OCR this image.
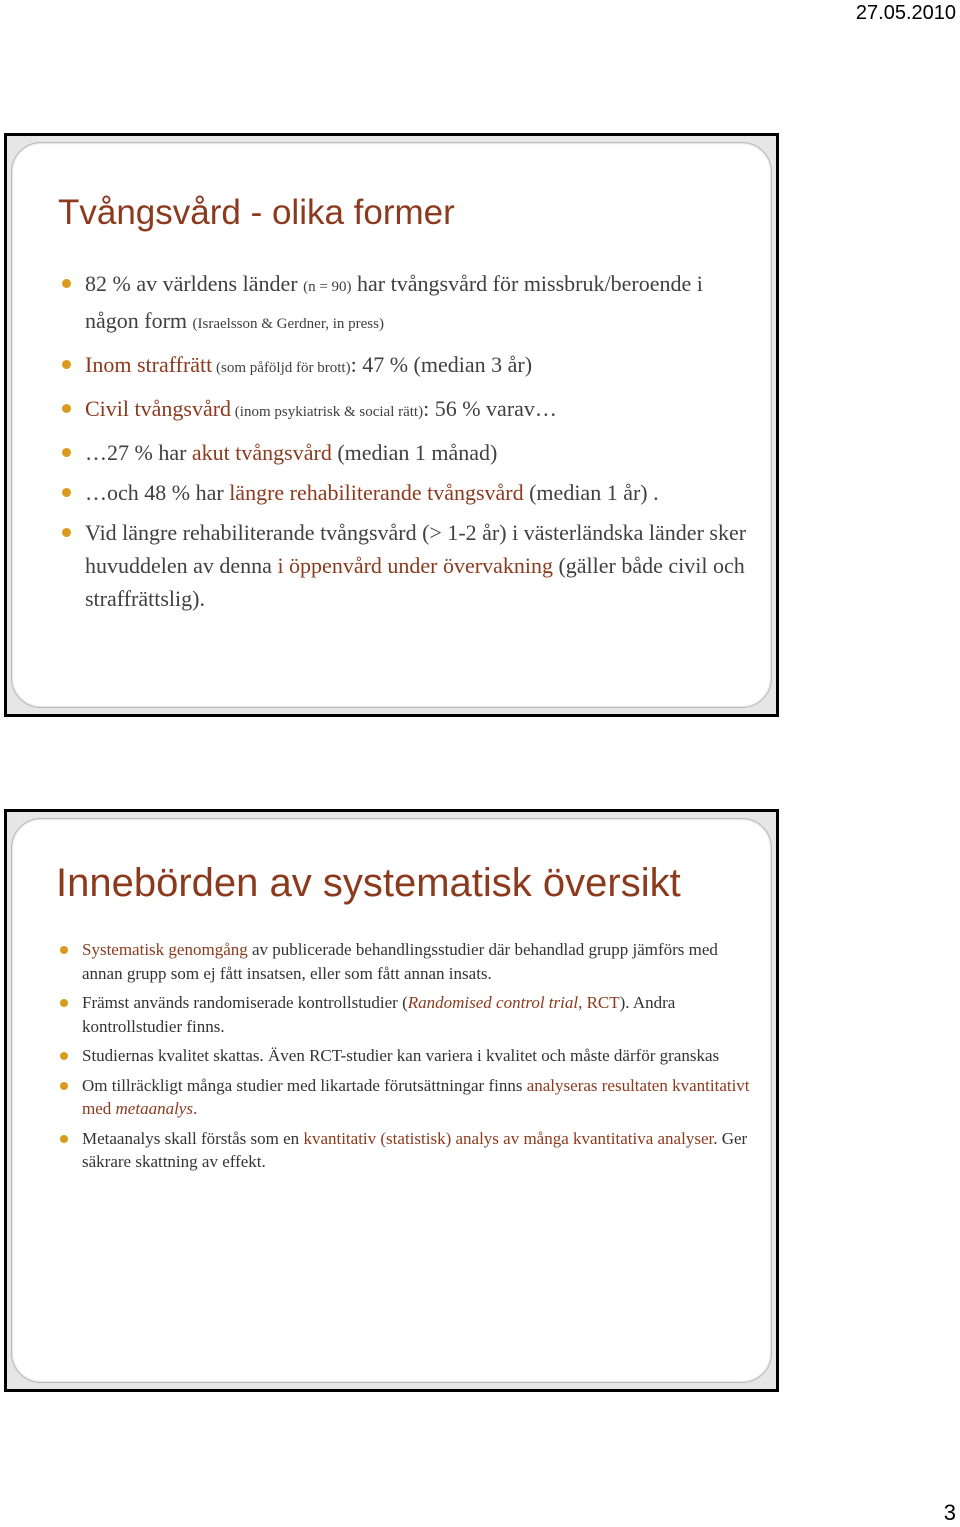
27.05.2010
Tvångsvård - olika former
82 % av världens länder (n = 90) har tvångsvård för missbruk/beroende i någon form (Israelsson & Gerdner, in press)
Inom straffrätt (som påföljd för brott): 47 % (median 3 år)
Civil tvångsvård (inom psykiatrisk & social rätt): 56 % varav…
…27 % har akut tvångsvård (median 1 månad)
…och 48 % har längre rehabiliterande tvångsvård (median 1 år) .
Vid längre rehabiliterande tvångsvård (> 1-2 år) i västerländska länder sker huvuddelen av denna i öppenvård under övervakning (gäller både civil och straffrättslig).
Innebörden av systematisk översikt
Systematisk genomgång av publicerade behandlingsstudier där behandlad grupp jämförs med annan grupp som ej fått insatsen, eller som fått annan insats.
Främst används randomiserade kontrollstudier (Randomised control trial, RCT). Andra kontrollstudier finns.
Studiernas kvalitet skattas. Även RCT-studier kan variera i kvalitet och måste därför granskas
Om tillräckligt många studier med likartade förutsättningar finns analyseras resultaten kvantitativt med metaanalys.
Metaanalys skall förstås som en kvantitativ (statistisk) analys av många kvantitativa analyser. Ger säkrare skattning av effekt.
3
